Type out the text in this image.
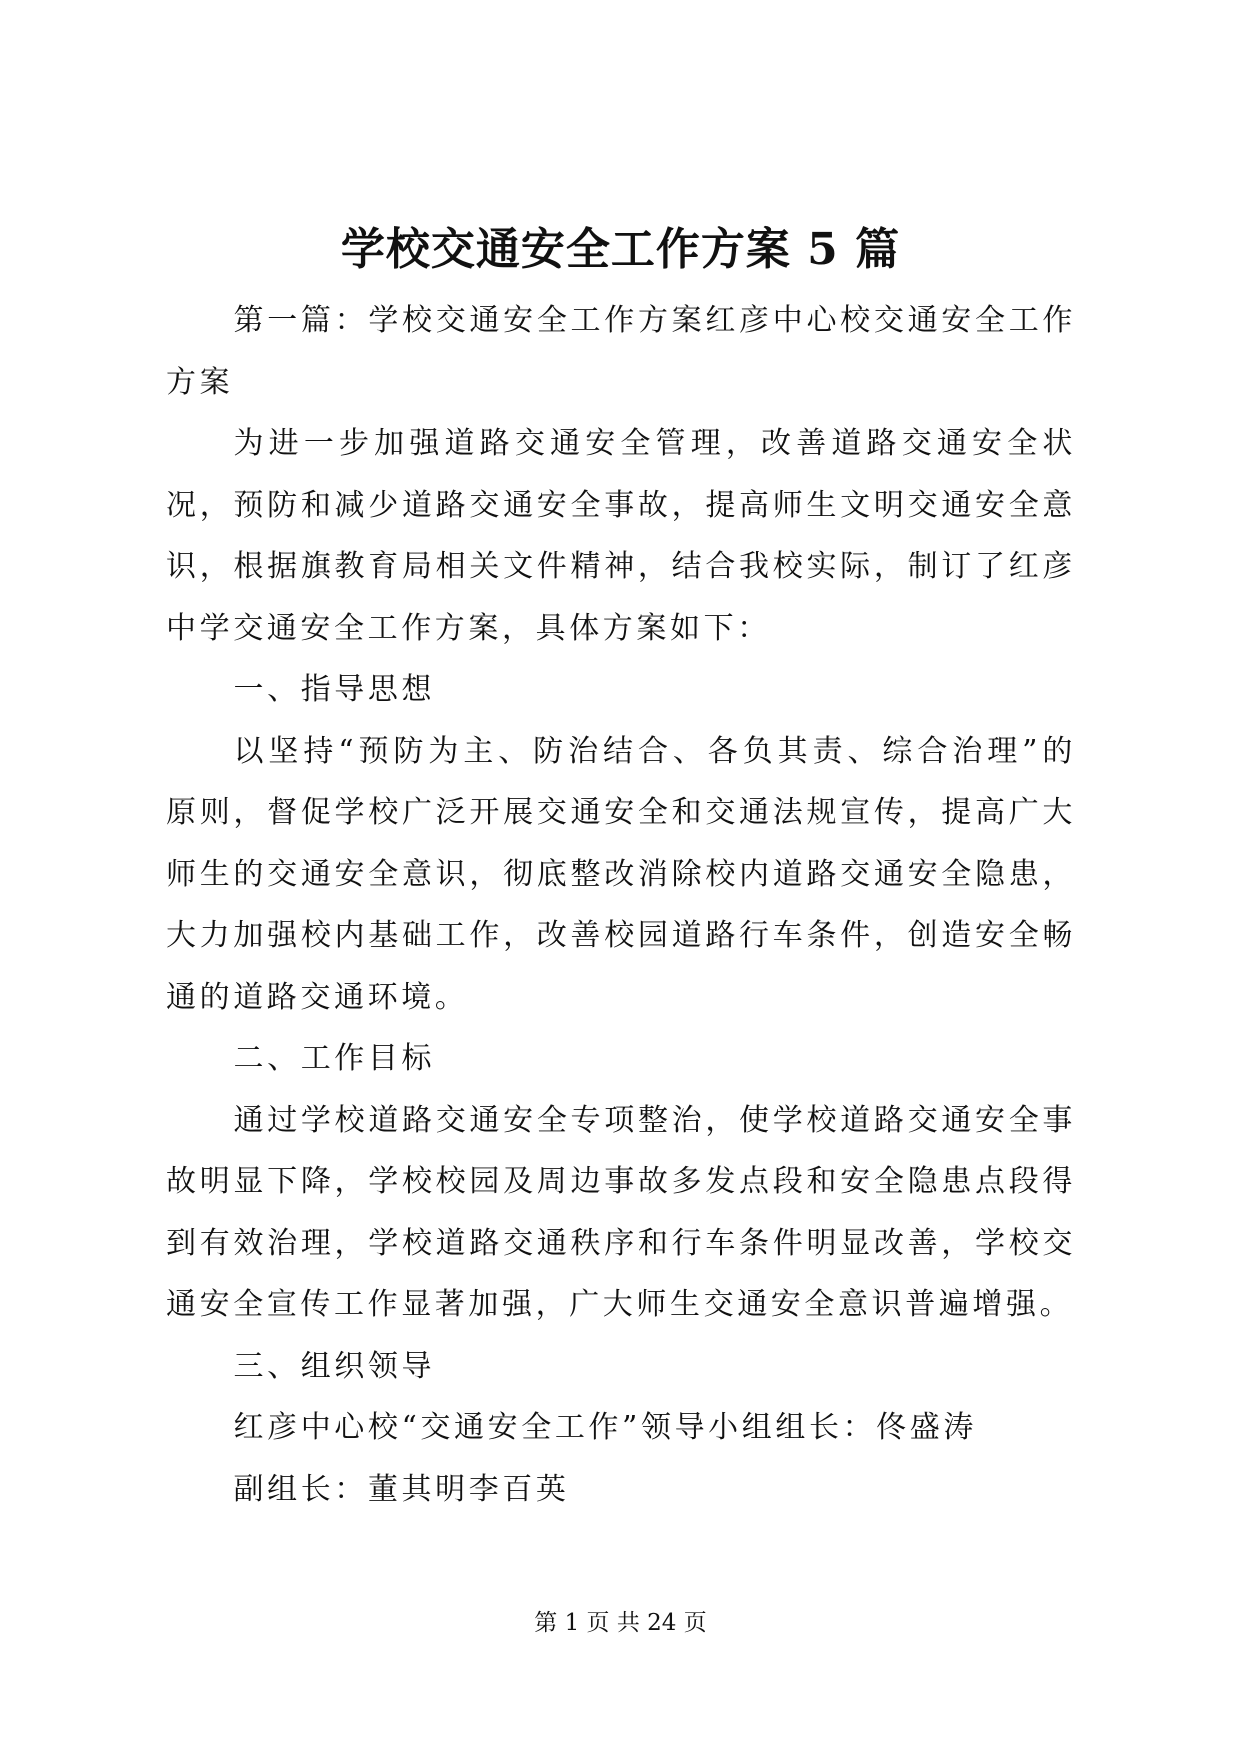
学校交通安全工作方案 5 篇

第一篇：学校交通安全工作方案红彦中心校交通安全工作方案

为进一步加强道路交通安全管理，改善道路交通安全状况，预防和减少道路交通安全事故，提高师生文明交通安全意识，根据旗教育局相关文件精神，结合我校实际，制订了红彦中学交通安全工作方案，具体方案如下：

一、指导思想

以坚持“预防为主、防治结合、各负其责、综合治理”的原则，督促学校广泛开展交通安全和交通法规宣传，提高广大师生的交通安全意识，彻底整改消除校内道路交通安全隐患，大力加强校内基础工作，改善校园道路行车条件，创造安全畅通的道路交通环境。

二、工作目标

通过学校道路交通安全专项整治，使学校道路交通安全事故明显下降，学校校园及周边事故多发点段和安全隐患点段得到有效治理，学校道路交通秩序和行车条件明显改善，学校交通安全宣传工作显著加强，广大师生交通安全意识普遍增强。

三、组织领导

红彦中心校“交通安全工作”领导小组组长：佟盛涛

副组长：董其明李百英

第 1 页 共 24 页
